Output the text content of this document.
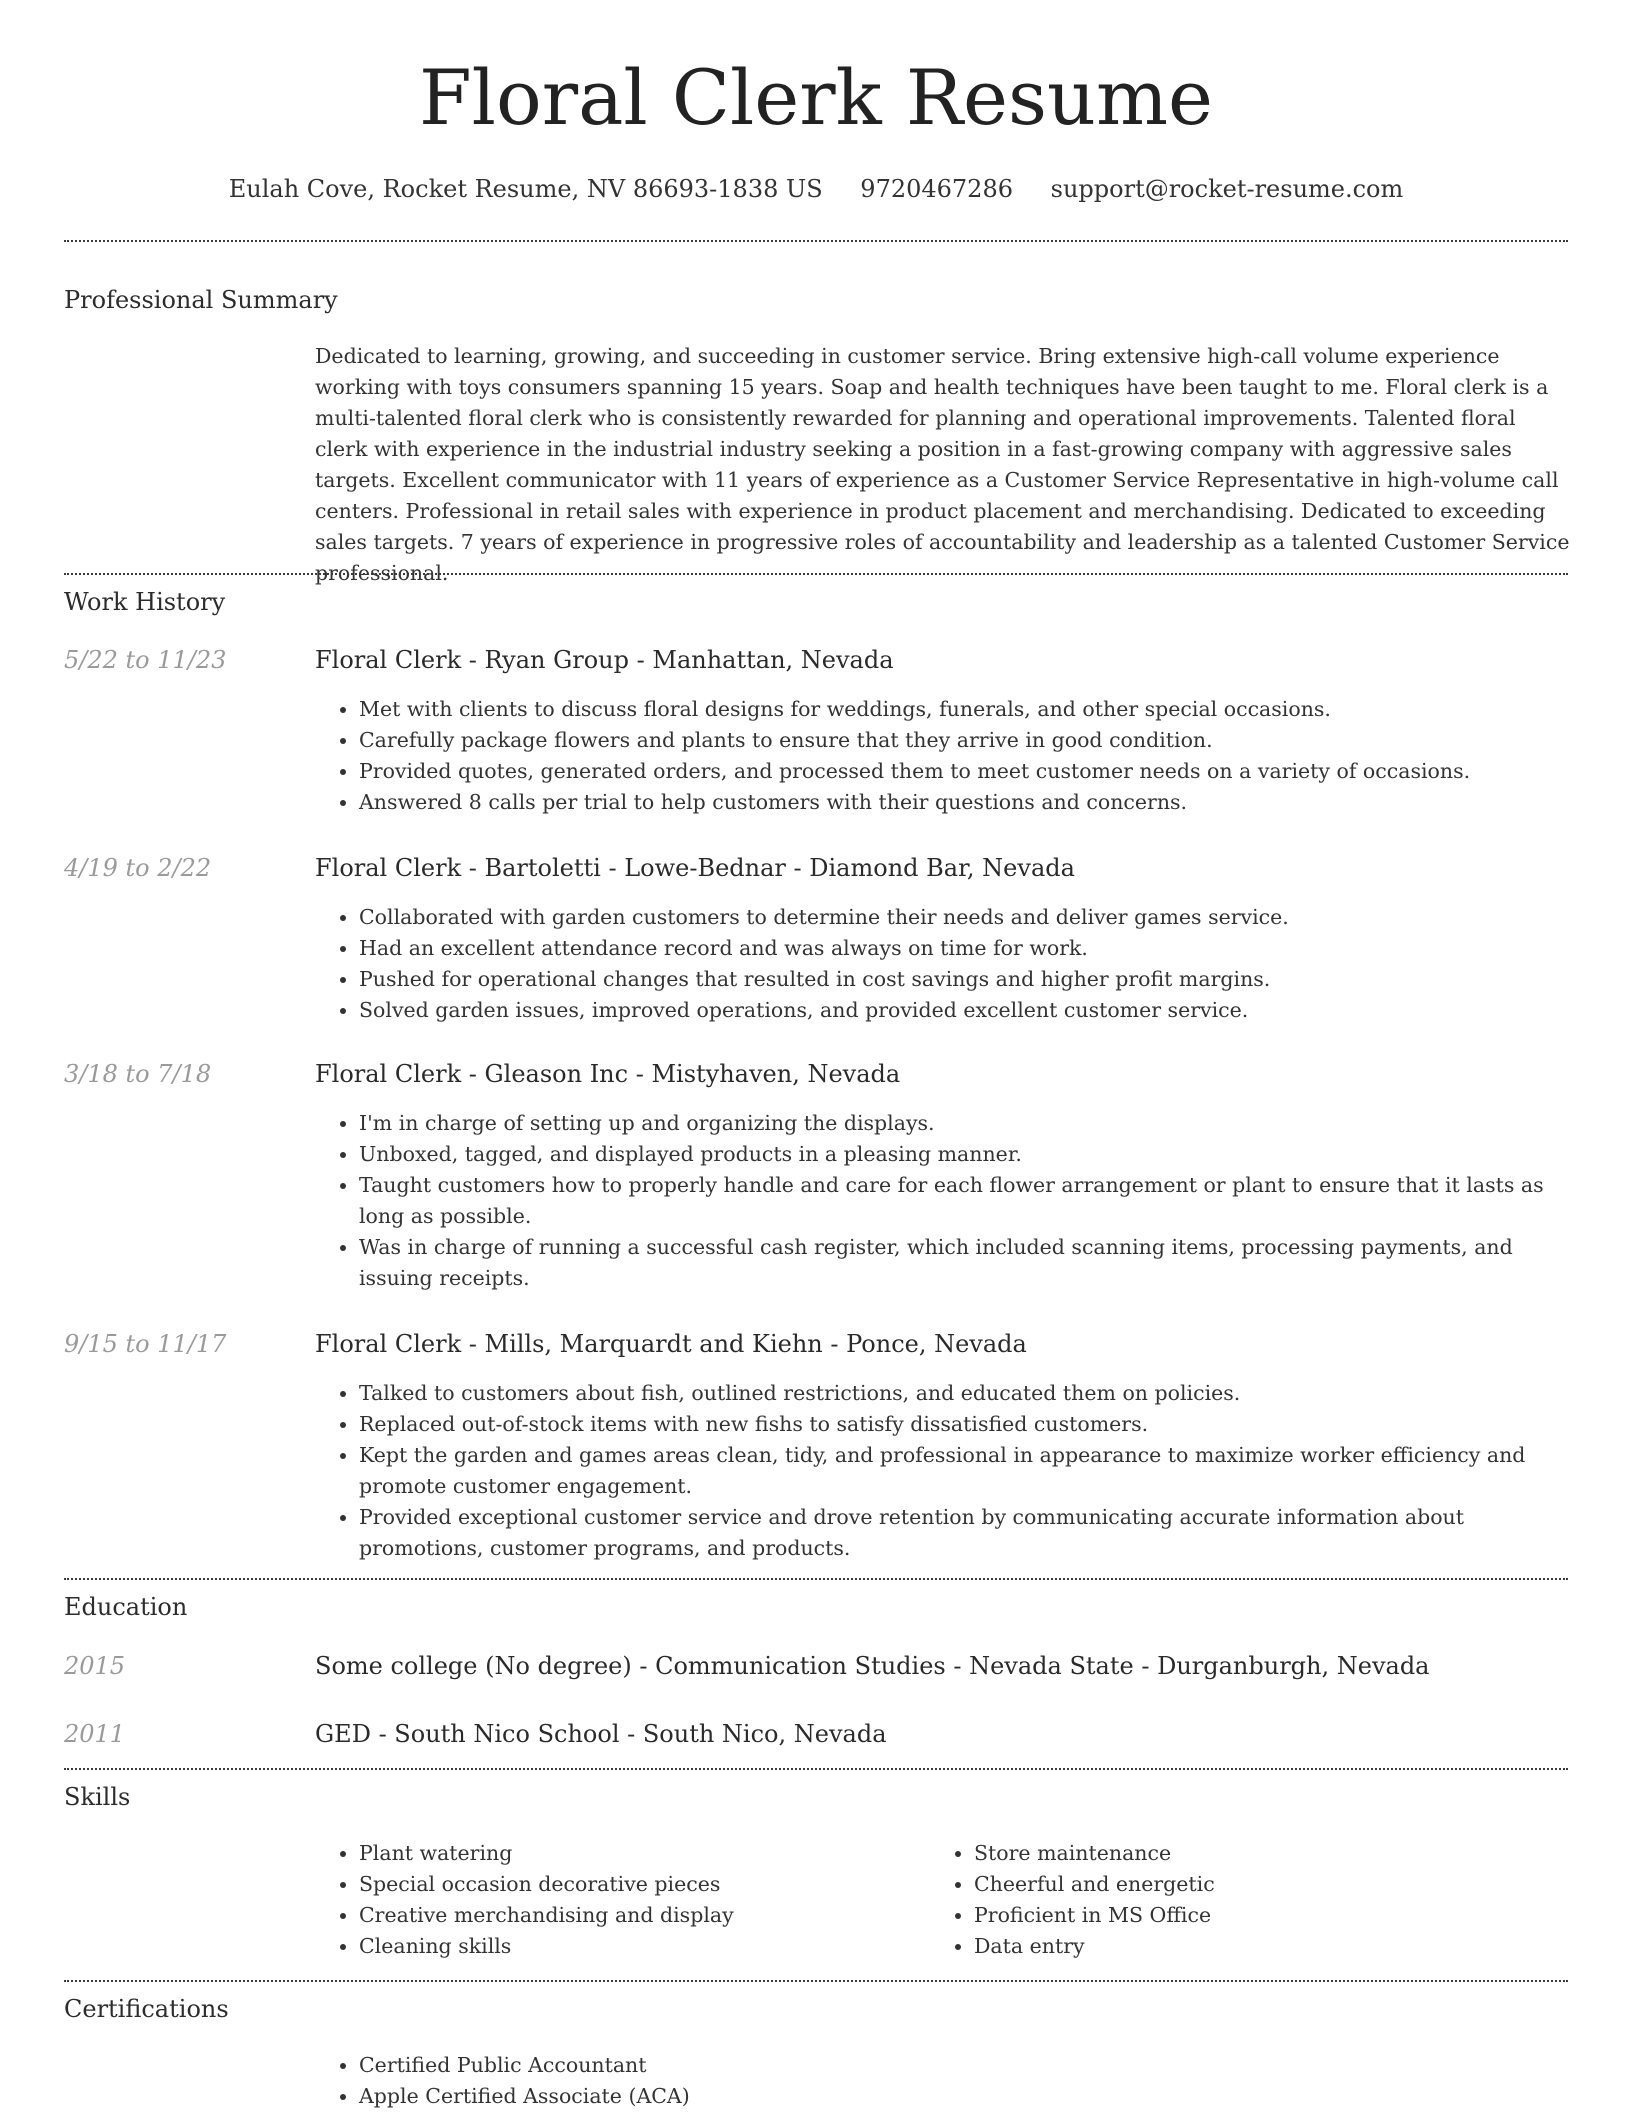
Floral Clerk Resume
Eulah Cove, Rocket Resume, NV 86693-1838 US 9720467286 support@rocket-resume.com
Professional Summary

Dedicated to learning, growing, and succeeding in customer service. Bring extensive high-call volume experience working with toys consumers spanning 15 years. Soap and health techniques have been taught to me. Floral clerk is a multi-talented floral clerk who is consistently rewarded for planning and operational improvements. Talented floral clerk with experience in the industrial industry seeking a position in a fast-growing company with aggressive sales targets. Excellent communicator with 11 years of experience as a Customer Service Representative in high-volume call centers. Professional in retail sales with experience in product placement and merchandising. Dedicated to exceeding sales targets. 7 years of experience in progressive roles of accountability and leadership as a talented Customer Service professional.

Work History
5/22 to 11/23	Floral Clerk - Ryan Group - Manhattan, Nevada
• Met with clients to discuss floral designs for weddings, funerals, and other special occasions.
• Carefully package flowers and plants to ensure that they arrive in good condition.
• Provided quotes, generated orders, and processed them to meet customer needs on a variety of occasions.
• Answered 8 calls per trial to help customers with their questions and concerns.
4/19 to 2/22	Floral Clerk - Bartoletti - Lowe-Bednar - Diamond Bar, Nevada
• Collaborated with garden customers to determine their needs and deliver games service.
• Had an excellent attendance record and was always on time for work.
• Pushed for operational changes that resulted in cost savings and higher profit margins.
• Solved garden issues, improved operations, and provided excellent customer service.
3/18 to 7/18	Floral Clerk - Gleason Inc - Mistyhaven, Nevada
• I'm in charge of setting up and organizing the displays.
• Unboxed, tagged, and displayed products in a pleasing manner.
• Taught customers how to properly handle and care for each flower arrangement or plant to ensure that it lasts as long as possible.
• Was in charge of running a successful cash register, which included scanning items, processing payments, and issuing receipts.
9/15 to 11/17	Floral Clerk - Mills, Marquardt and Kiehn - Ponce, Nevada
• Talked to customers about fish, outlined restrictions, and educated them on policies.
• Replaced out-of-stock items with new fishs to satisfy dissatisfied customers.
• Kept the garden and games areas clean, tidy, and professional in appearance to maximize worker efficiency and promote customer engagement.
• Provided exceptional customer service and drove retention by communicating accurate information about promotions, customer programs, and products.
Education
2015	Some college (No degree) - Communication Studies - Nevada State - Durganburgh, Nevada
2011	GED - South Nico School - South Nico, Nevada
Skills
• Plant watering
• Special occasion decorative pieces
• Creative merchandising and display
• Cleaning skills
• Store maintenance
• Cheerful and energetic
• Proficient in MS Office
• Data entry
Certifications
• Certified Public Accountant
• Apple Certified Associate (ACA)
